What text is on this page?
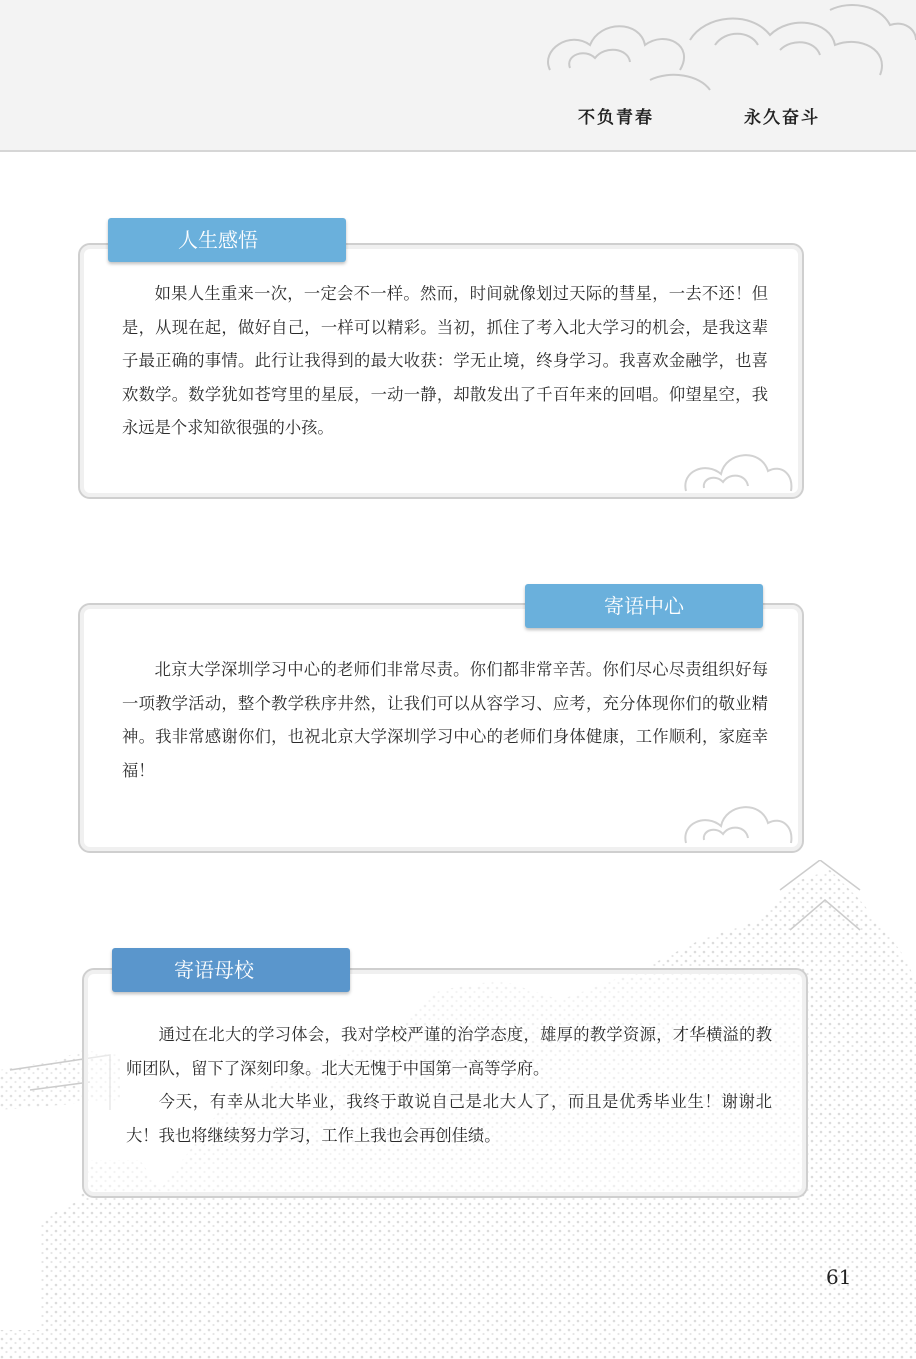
不负青春	永久奋斗
人生感悟

如果人生重来一次，一定会不一样。然而，时间就像划过天际的彗星，一去不还！但是，从现在起，做好自己，一样可以精彩。当初，抓住了考入北大学习的机会，是我这辈子最正确的事情。此行让我得到的最大收获：学无止境，终身学习。我喜欢金融学，也喜欢数学。数学犹如苍穹里的星辰，一动一静，却散发出了千百年来的回唱。仰望星空，我永远是个求知欲很强的小孩。

寄语中心

北京大学深圳学习中心的老师们非常尽责。你们都非常辛苦。你们尽心尽责组织好每一项教学活动，整个教学秩序井然，让我们可以从容学习、应考，充分体现你们的敬业精神。我非常感谢你们，也祝北京大学深圳学习中心的老师们身体健康，工作顺利，家庭幸福！

寄语母校

通过在北大的学习体会，我对学校严谨的治学态度，雄厚的教学资源，才华横溢的教师团队，留下了深刻印象。北大无愧于中国第一高等学府。

今天，有幸从北大毕业，我终于敢说自己是北大人了，而且是优秀毕业生！谢谢北大！我也将继续努力学习，工作上我也会再创佳绩。

61
